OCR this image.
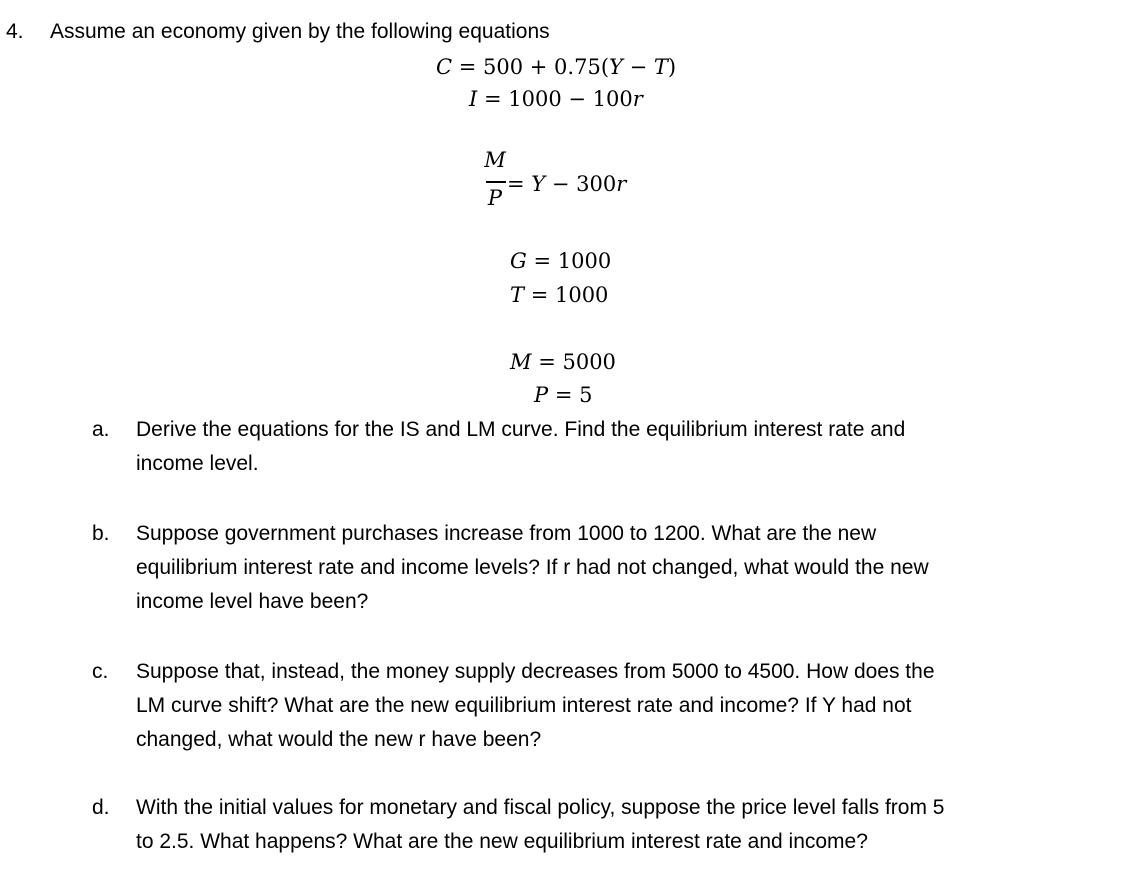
4. Assume an economy given by the following equations
C = 500 + 0.75(Y − T)
I = 1000 − 100r
M
P
= Y − 300r
G = 1000
T = 1000
M = 5000
P = 5
a. Derive the equations for the IS and LM curve. Find the equilibrium interest rate and
income level.
b. Suppose government purchases increase from 1000 to 1200. What are the new
equilibrium interest rate and income levels? If r had not changed, what would the new
income level have been?
c. Suppose that, instead, the money supply decreases from 5000 to 4500. How does the
LM curve shift? What are the new equilibrium interest rate and income? If Y had not
changed, what would the new r have been?
d. With the initial values for monetary and fiscal policy, suppose the price level falls from 5
to 2.5. What happens? What are the new equilibrium interest rate and income?
